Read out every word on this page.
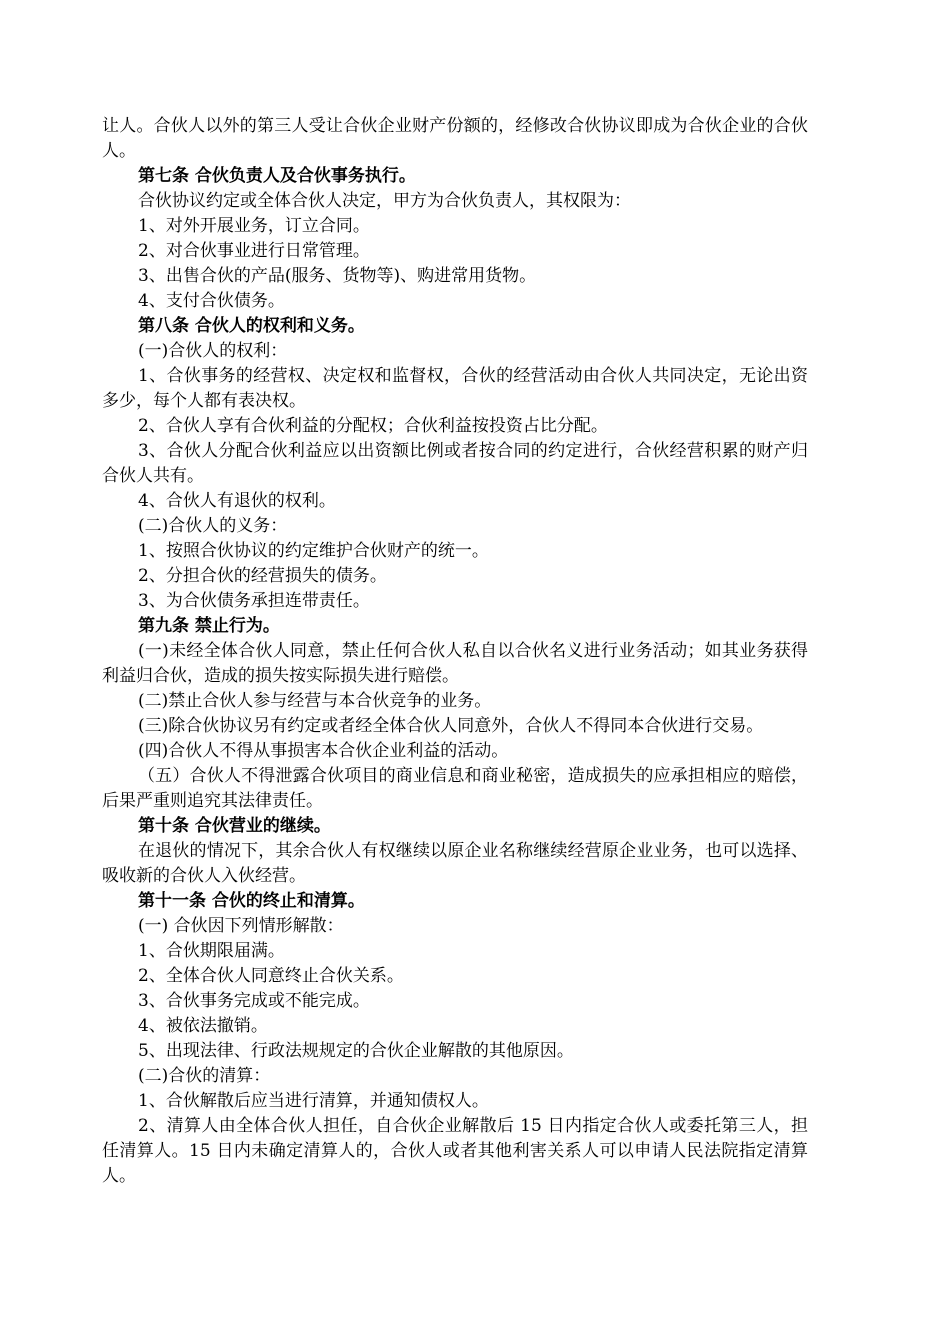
让人。合伙人以外的第三人受让合伙企业财产份额的，经修改合伙协议即成为合伙企业的合伙人。

第七条 合伙负责人及合伙事务执行。

合伙协议约定或全体合伙人决定，甲方为合伙负责人，其权限为：

1、对外开展业务，订立合同。

2、对合伙事业进行日常管理。

3、出售合伙的产品(服务、货物等)、购进常用货物。

4、支付合伙债务。

第八条 合伙人的权利和义务。

(一)合伙人的权利：

1、合伙事务的经营权、决定权和监督权，合伙的经营活动由合伙人共同决定，无论出资多少，每个人都有表决权。

2、合伙人享有合伙利益的分配权；合伙利益按投资占比分配。

3、合伙人分配合伙利益应以出资额比例或者按合同的约定进行，合伙经营积累的财产归合伙人共有。

4、合伙人有退伙的权利。

(二)合伙人的义务：

1、按照合伙协议的约定维护合伙财产的统一。

2、分担合伙的经营损失的债务。

3、为合伙债务承担连带责任。

第九条 禁止行为。

(一)未经全体合伙人同意，禁止任何合伙人私自以合伙名义进行业务活动；如其业务获得利益归合伙，造成的损失按实际损失进行赔偿。

(二)禁止合伙人参与经营与本合伙竞争的业务。

(三)除合伙协议另有约定或者经全体合伙人同意外，合伙人不得同本合伙进行交易。

(四)合伙人不得从事损害本合伙企业利益的活动。

（五）合伙人不得泄露合伙项目的商业信息和商业秘密，造成损失的应承担相应的赔偿，后果严重则追究其法律责任。

第十条 合伙营业的继续。

在退伙的情况下，其余合伙人有权继续以原企业名称继续经营原企业业务，也可以选择、吸收新的合伙人入伙经营。

第十一条 合伙的终止和清算。

(一) 合伙因下列情形解散：

1、合伙期限届满。

2、全体合伙人同意终止合伙关系。

3、合伙事务完成或不能完成。

4、被依法撤销。

5、出现法律、行政法规规定的合伙企业解散的其他原因。

(二)合伙的清算：

1、合伙解散后应当进行清算，并通知债权人。

2、清算人由全体合伙人担任，自合伙企业解散后 15 日内指定合伙人或委托第三人，担任清算人。15 日内未确定清算人的，合伙人或者其他利害关系人可以申请人民法院指定清算人。
